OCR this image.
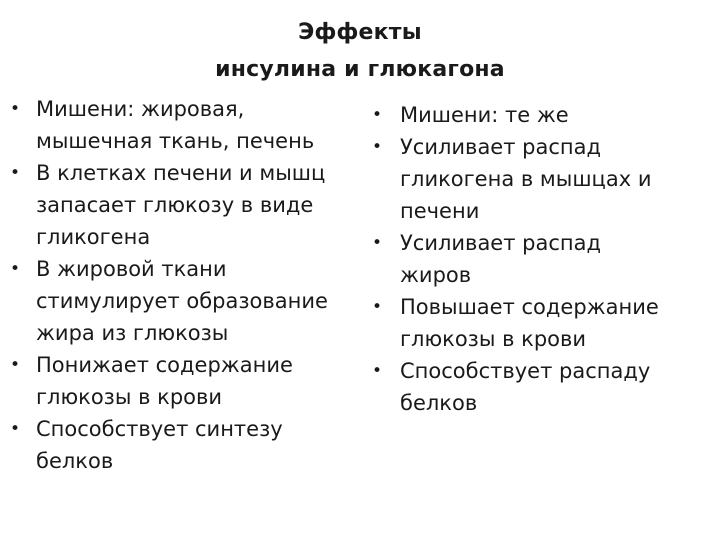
Эффекты
инсулина и глюкагона
• Мишени: жировая,
мышечная ткань, печень
• В клетках печени и мышц
запасает глюкозу в виде
гликогена
• В жировой ткани
стимулирует образование
жира из глюкозы
• Понижает содержание
глюкозы в крови
• Способствует синтезу
белков
• Мишени: те же
• Усиливает распад
гликогена в мышцах и
печени
• Усиливает распад
жиров
• Повышает содержание
глюкозы в крови
• Способствует распаду
белков
